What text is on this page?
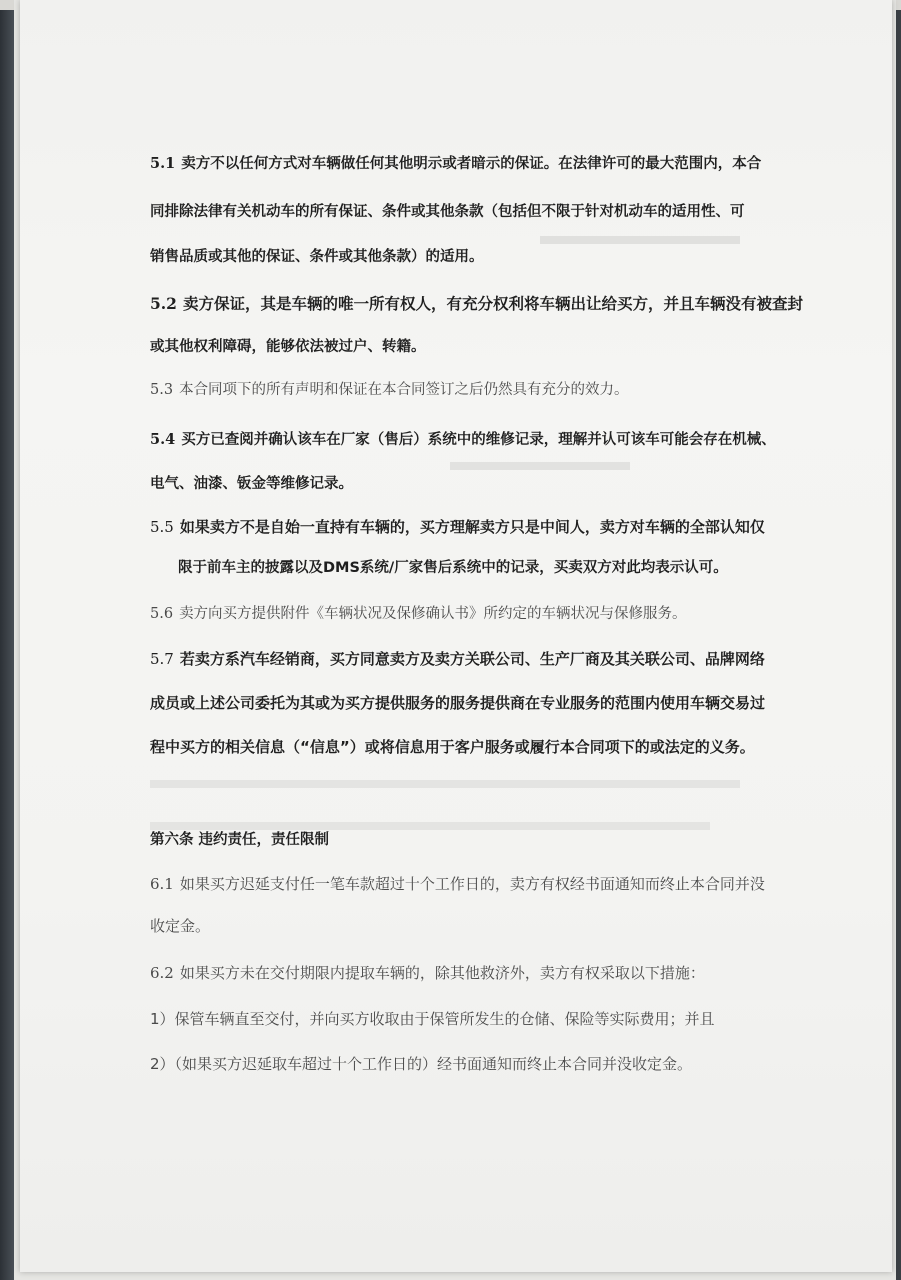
5.1 卖方不以任何方式对车辆做任何其他明示或者暗示的保证。在法律许可的最大范围内，本合
同排除法律有关机动车的所有保证、条件或其他条款（包括但不限于针对机动车的适用性、可
销售品质或其他的保证、条件或其他条款）的适用。
5.2 卖方保证，其是车辆的唯一所有权人，有充分权利将车辆出让给买方，并且车辆没有被查封
或其他权利障碍，能够依法被过户、转籍。
5.3 本合同项下的所有声明和保证在本合同签订之后仍然具有充分的效力。
5.4 买方已查阅并确认该车在厂家（售后）系统中的维修记录，理解并认可该车可能会存在机械、
电气、油漆、钣金等维修记录。
5.5 如果卖方不是自始一直持有车辆的，买方理解卖方只是中间人，卖方对车辆的全部认知仅
限于前车主的披露以及DMS系统/厂家售后系统中的记录，买卖双方对此均表示认可。
5.6 卖方向买方提供附件《车辆状况及保修确认书》所约定的车辆状况与保修服务。
5.7 若卖方系汽车经销商，买方同意卖方及卖方关联公司、生产厂商及其关联公司、品牌网络
成员或上述公司委托为其或为买方提供服务的服务提供商在专业服务的范围内使用车辆交易过
程中买方的相关信息（“信息”）或将信息用于客户服务或履行本合同项下的或法定的义务。
第六条 违约责任，责任限制
6.1 如果买方迟延支付任一笔车款超过十个工作日的，卖方有权经书面通知而终止本合同并没
收定金。
6.2 如果买方未在交付期限内提取车辆的，除其他救济外，卖方有权采取以下措施：
1）保管车辆直至交付，并向买方收取由于保管所发生的仓储、保险等实际费用；并且
2）（如果买方迟延取车超过十个工作日的）经书面通知而终止本合同并没收定金。
